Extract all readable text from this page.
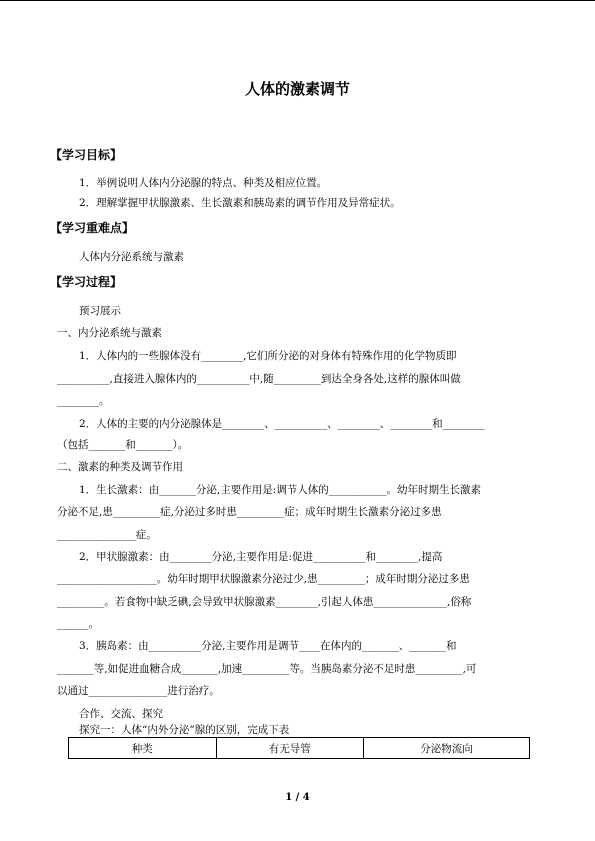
人体的激素调节
【学习目标】
1．举例说明人体内分泌腺的特点、种类及相应位置。
2．理解掌握甲状腺激素、生长激素和胰岛素的调节作用及异常症状。
【学习重难点】
人体内分泌系统与激素
【学习过程】
预习展示
一、内分泌系统与激素
1．人体内的一些腺体没有________,它们所分泌的对身体有特殊作用的化学物质即
__________,直接进入腺体内的__________中,随_________到达全身各处,这样的腺体叫做
________。
2．人体的主要的内分泌腺体是________、__________、________、________和________
（包括_______和_______）。
二、激素的种类及调节作用
1．生长激素：由_______分泌,主要作用是:调节人体的___________。幼年时期生长激素
分泌不足,患_________症,分泌过多时患_________症；成年时期生长激素分泌过多患
_______________症。
2．甲状腺激素：由________分泌,主要作用是:促进__________和________,提高
___________________。幼年时期甲状腺激素分泌过少,患_________；成年时期分泌过多患
_________。若食物中缺乏碘,会导致甲状腺激素________,引起人体患______________,俗称
______。
3．胰岛素：由__________分泌,主要作用是调节____在体内的_______、_______和
_______等,如促进血糖合成_______,加速_________等。当胰岛素分泌不足时患_________,可
以通过_______________进行治疗。
合作、交流、探究
探究一：人体“内外分泌”腺的区别，完成下表
种类	有无导管	分泌物流向
1 / 4
